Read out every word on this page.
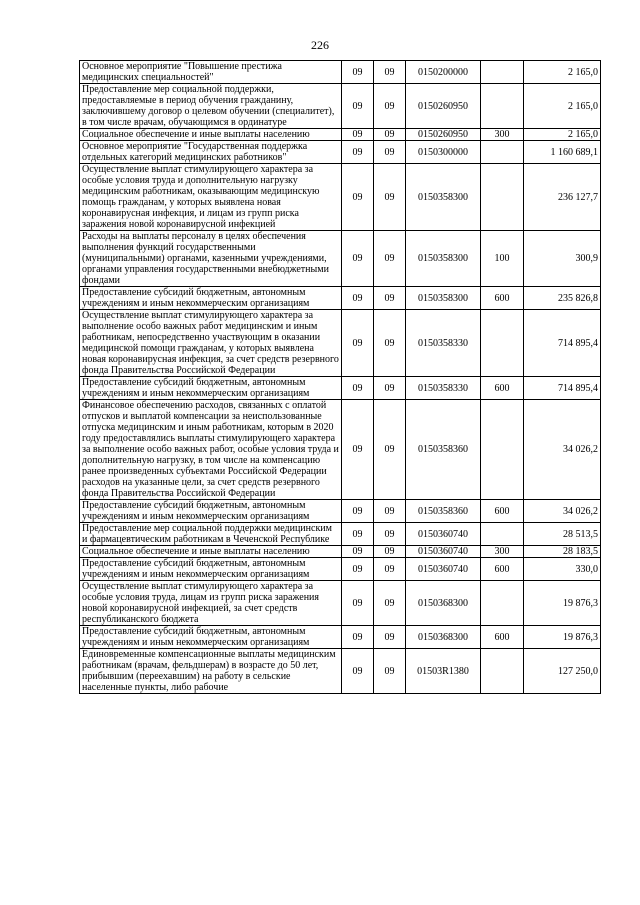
226
Основное мероприятие "Повышение престижа медицинских специальностей"	09	09	0150200000		2 165,0
Предоставление мер социальной поддержки, предоставляемые в период обучения гражданину, заключившему договор о целевом обучении (специалитет), в том числе врачам, обучающимся в ординатуре	09	09	0150260950		2 165,0
Социальное обеспечение и иные выплаты населению	09	09	0150260950	300	2 165,0
Основное мероприятие "Государственная поддержка отдельных категорий медицинских работников"	09	09	0150300000		1 160 689,1
Осуществление выплат стимулирующего характера за особые условия труда и дополнительную нагрузку медицинским работникам, оказывающим медицинскую помощь гражданам, у которых выявлена новая коронавирусная инфекция, и лицам из групп риска заражения новой коронавирусной инфекцией	09	09	0150358300		236 127,7
Расходы на выплаты персоналу в целях обеспечения выполнения функций государственными (муниципальными) органами, казенными учреждениями, органами управления государственными внебюджетными фондами	09	09	0150358300	100	300,9
Предоставление субсидий бюджетным, автономным учреждениям и иным некоммерческим организациям	09	09	0150358300	600	235 826,8
Осуществление выплат стимулирующего характера за выполнение особо важных работ медицинским и иным работникам, непосредственно участвующим в оказании медицинской помощи гражданам, у которых выявлена новая коронавирусная инфекция, за счет средств резервного фонда Правительства Российской Федерации	09	09	0150358330		714 895,4
Предоставление субсидий бюджетным, автономным учреждениям и иным некоммерческим организациям	09	09	0150358330	600	714 895,4
Финансовое обеспечению расходов, связанных с оплатой отпусков и выплатой компенсации за неиспользованные отпуска медицинским и иным работникам, которым в 2020 году предоставлялись выплаты стимулирующего характера за выполнение особо важных работ, особые условия труда и дополнительную нагрузку, в том числе на компенсацию ранее произведенных субъектами Российской Федерации расходов на указанные цели, за счет средств резервного фонда Правительства Российской Федерации	09	09	0150358360		34 026,2
Предоставление субсидий бюджетным, автономным учреждениям и иным некоммерческим организациям	09	09	0150358360	600	34 026,2
Предоставление мер социальной поддержки медицинским и фармацевтическим работникам в Чеченской Республике	09	09	0150360740		28 513,5
Социальное обеспечение и иные выплаты населению	09	09	0150360740	300	28 183,5
Предоставление субсидий бюджетным, автономным учреждениям и иным некоммерческим организациям	09	09	0150360740	600	330,0
Осуществление выплат стимулирующего характера за особые условия труда, лицам из групп риска заражения новой коронавирусной инфекцией, за счет средств республиканского бюджета	09	09	0150368300		19 876,3
Предоставление субсидий бюджетным, автономным учреждениям и иным некоммерческим организациям	09	09	0150368300	600	19 876,3
Единовременные компенсационные выплаты медицинским работникам (врачам, фельдшерам) в возрасте до 50 лет, прибывшим (переехавшим) на работу в сельские населенные пункты, либо рабочие	09	09	01503R1380		127 250,0
